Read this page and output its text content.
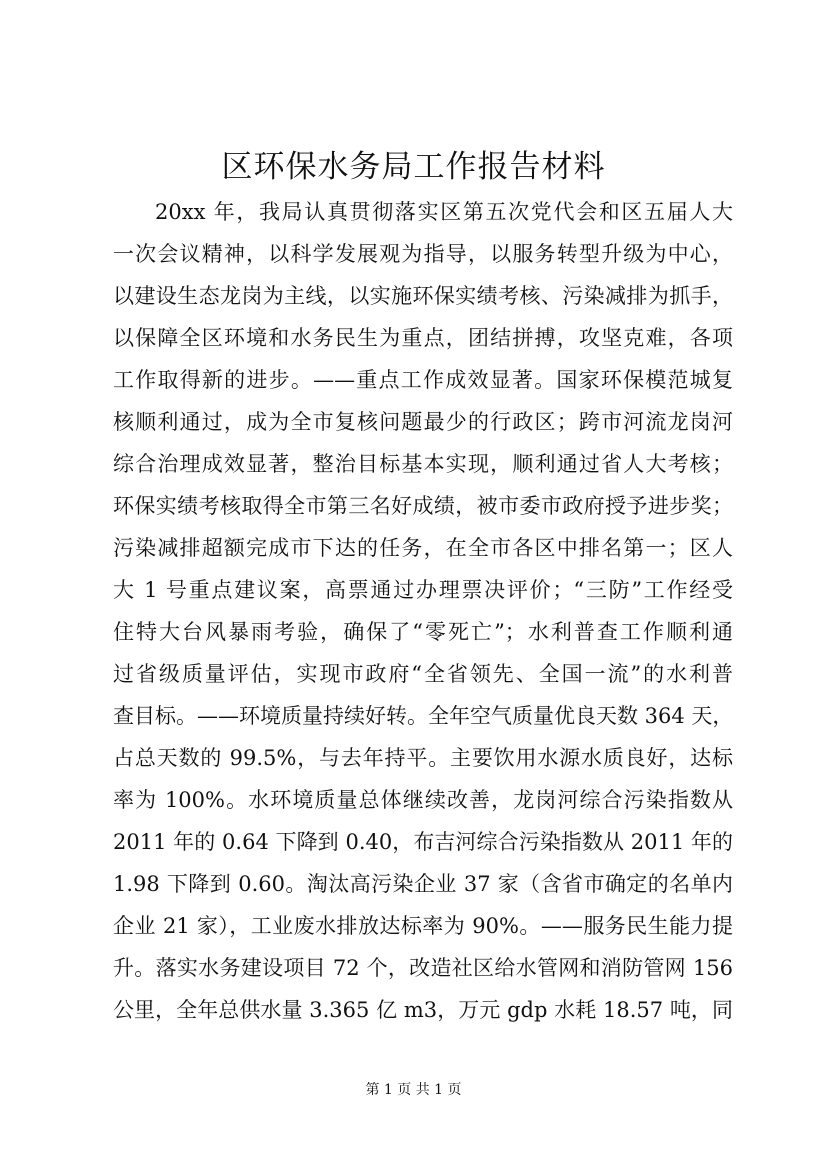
区环保水务局工作报告材料
20xx 年，我局认真贯彻落实区第五次党代会和区五届人大
一次会议精神，以科学发展观为指导，以服务转型升级为中心，
以建设生态龙岗为主线，以实施环保实绩考核、污染减排为抓手，
以保障全区环境和水务民生为重点，团结拼搏，攻坚克难，各项
工作取得新的进步。——重点工作成效显著。国家环保模范城复
核顺利通过，成为全市复核问题最少的行政区；跨市河流龙岗河
综合治理成效显著，整治目标基本实现，顺利通过省人大考核；
环保实绩考核取得全市第三名好成绩，被市委市政府授予进步奖；
污染减排超额完成市下达的任务，在全市各区中排名第一；区人
大 1 号重点建议案，高票通过办理票决评价；“三防”工作经受
住特大台风暴雨考验，确保了“零死亡”；水利普查工作顺利通
过省级质量评估，实现市政府“全省领先、全国一流”的水利普
查目标。——环境质量持续好转。全年空气质量优良天数 364 天，
占总天数的 99.5%，与去年持平。主要饮用水源水质良好，达标
率为 100%。水环境质量总体继续改善，龙岗河综合污染指数从
2011 年的 0.64 下降到 0.40，布吉河综合污染指数从 2011 年的
1.98 下降到 0.60。淘汰高污染企业 37 家（含省市确定的名单内
企业 21 家），工业废水排放达标率为 90%。——服务民生能力提
升。落实水务建设项目 72 个，改造社区给水管网和消防管网 156
公里，全年总供水量 3.365 亿 m3，万元 gdp 水耗 18.57 吨，同
第 1 页 共 1 页
